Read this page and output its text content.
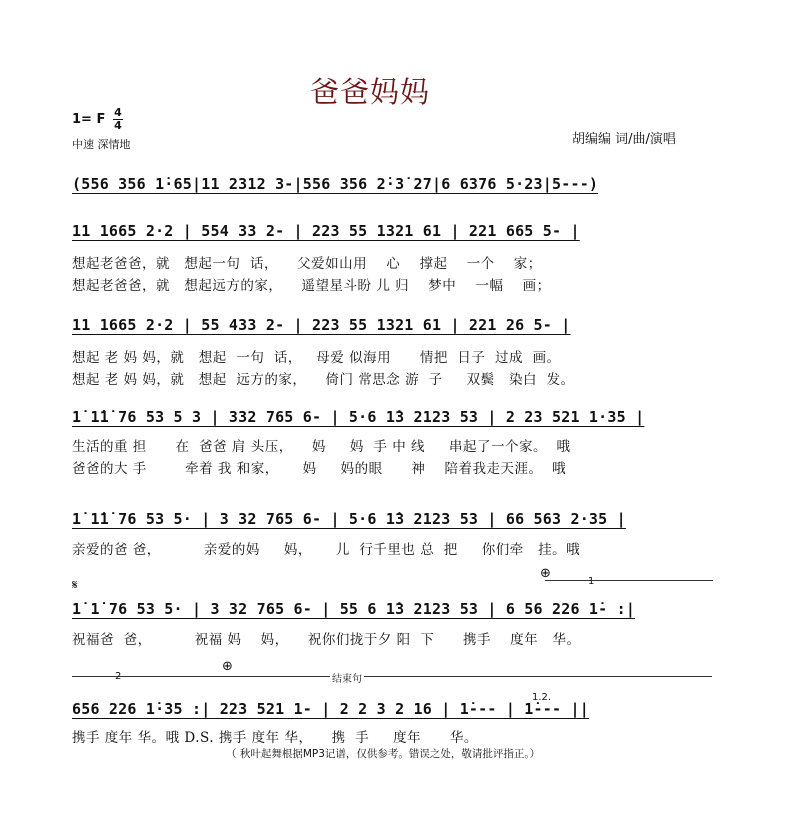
爸爸妈妈
1= F 4
4
中速 深情地	胡编编 词/曲/演唱
(556 356 1̇·65|11 2312 3-|556 356 2̇·3̇ 27|6 6376 5·23|5---)
11 1665 2·2 | 554 33 2- | 223 55 1321 61 | 221 665 5- |
想起老爸爸，就   想起一句  话，    父爱如山用    心    撑起    一个    家；
想起老爸爸，就   想起远方的家，    遥望星斗盼 儿 归    梦中    一幅    画；
11 1665 2·2 | 55 433 2- | 223 55 1321 61 | 221 26 5- |
想起 老 妈 妈，就   想起  一句  话，   母爱 似海用      情把  日子  过成  画。
想起 老 妈 妈，就   想起  远方的家，    倚门 常思念 游  子     双鬓   染白  发。
1̇ 1̇1̇ 76 53 5 3 | 332 765 6- | 5·6 1̇3 2123 53 | 2 23 521 1·35 |
生活的重 担      在  爸爸 肩 头压，    妈     妈  手 中 线     串起了一个家。  哦
爸爸的大 手        牵着 我 和家，     妈     妈的眼      神    陪着我走天涯。  哦
1̇ 1̇1̇ 76 53 5· | 3 32 765 6- | 5·6 1̇3 2123 53 | 66 563 2·35 |
亲爱的爸 爸，         亲爱的妈     妈，     儿  行千里也 总  把     你们牵   挂。哦
𝄋
⊕
1
1̇ 1̇ 76 53 5· | 3 32 765 6- | 55 6 1̇3 2123 53 | 6 56 226 1̇- :|
祝福爸  爸，         祝福 妈    妈，    祝你们拢于夕 阳  下      携手    度年   华。
2
⊕
结束句
1.2.
656 226 1̇·35 :| 223 521 1- | 2 2 3 2 16 | 1̇--- | 1̇--- ||
携手 度年 华。哦 D.S. 携手 度年 华，    携  手     度年      华。
（ 秋叶起舞根据MP3记谱，仅供参考。错误之处，敬请批评指正。）
